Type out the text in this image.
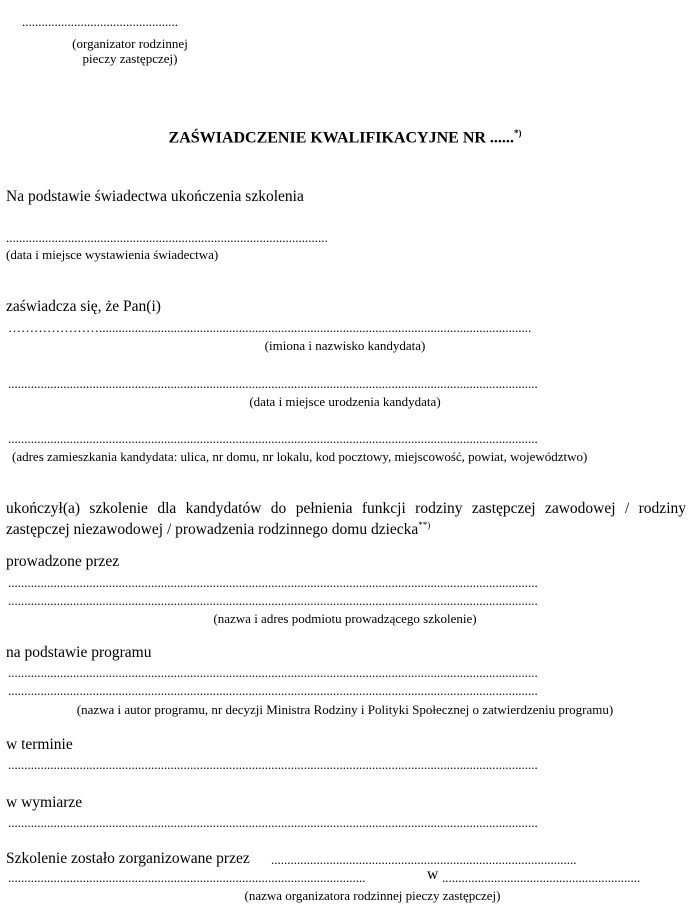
................................................
(organizator rodzinnej
pieczy zastępczej)
ZAŚWIADCZENIE KWALIFIKACYJNE NR ......*)
Na podstawie świadectwa ukończenia szkolenia
...................................................................................................
(data i miejsce wystawienia świadectwa)
zaświadcza się, że Pan(i)
………………….....................................................................................................................................
(imiona i nazwisko kandydata)
...................................................................................................................................................................
(data i miejsce urodzenia kandydata)
...................................................................................................................................................................
(adres zamieszkania kandydata: ulica, nr domu, nr lokalu, kod pocztowy, miejscowość, powiat, województwo)
ukończył(a) szkolenie dla kandydatów do pełnienia funkcji rodziny zastępczej zawodowej / rodziny
zastępczej niezawodowej / prowadzenia rodzinnego domu dziecka**)
prowadzone przez
...................................................................................................................................................................
...................................................................................................................................................................
(nazwa i adres podmiotu prowadzącego szkolenie)
na podstawie programu
...................................................................................................................................................................
...................................................................................................................................................................
(nazwa i autor programu, nr decyzji Ministra Rodziny i Polityki Społecznej o zatwierdzeniu programu)
w terminie
...................................................................................................................................................................
w wymiarze
...................................................................................................................................................................
Szkolenie zostało zorganizowane przez ..............................................................................................
..............................................................................................................	w .............................................................
(nazwa organizatora rodzinnej pieczy zastępczej)
